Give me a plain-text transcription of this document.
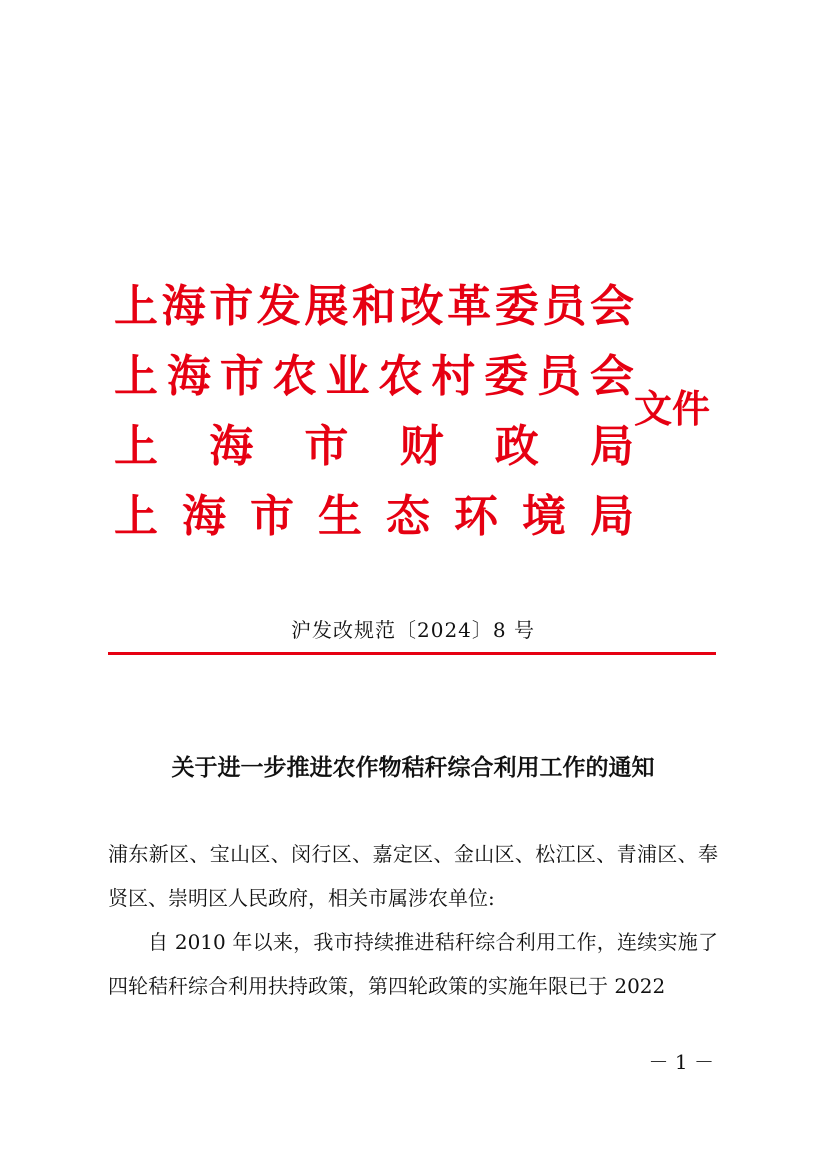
上 海 市 发 展 和 改 革 委 员 会
上 海 市 农 业 农 村 委 员 会
上 海 市 财 政 局
上 海 市 生 态 环 境 局
文件
沪发改规范〔2024〕8 号
关于进一步推进农作物秸秆综合利用工作的通知

浦东新区、宝山区、闵行区、嘉定区、金山区、松江区、青浦区、奉贤区、崇明区人民政府，相关市属涉农单位:

自 2010 年以来，我市持续推进秸秆综合利用工作，连续实施了四轮秸秆综合利用扶持政策，第四轮政策的实施年限已于 2022

－ 1 －
